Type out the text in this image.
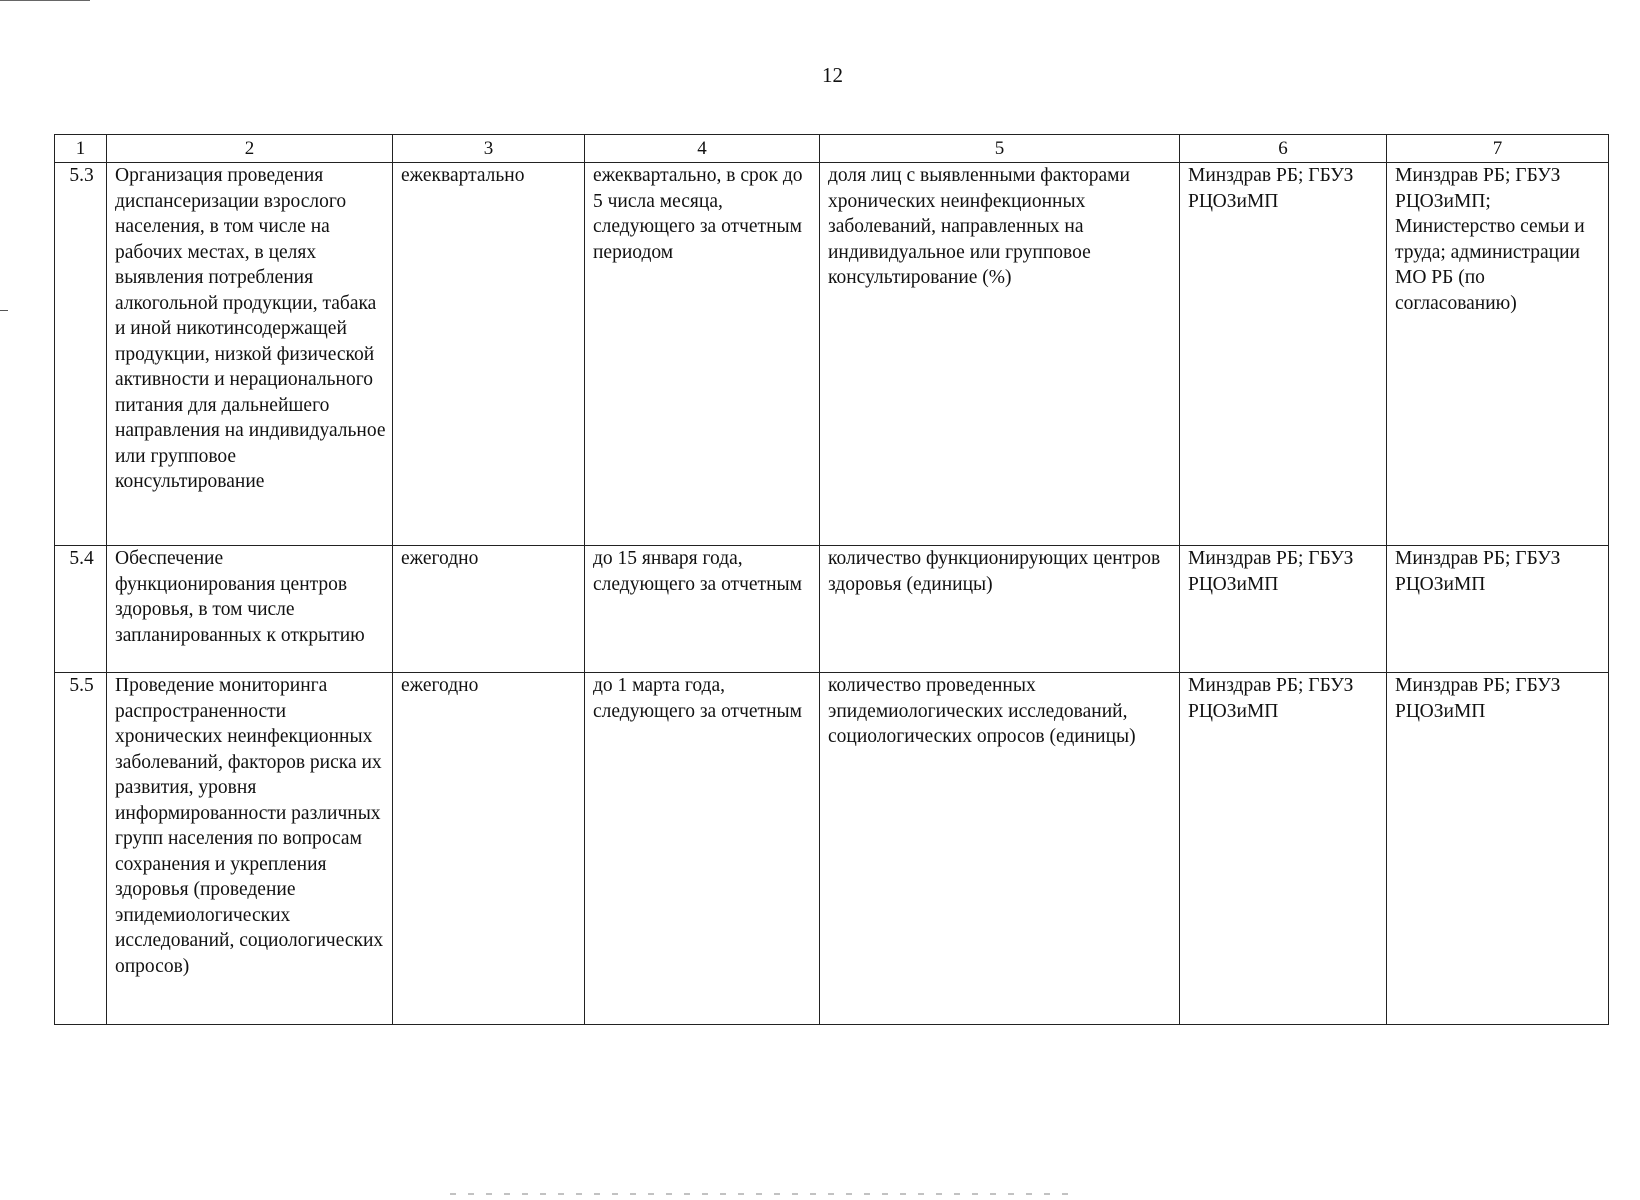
12
1	2	3	4	5	6	7
5.3	Организация проведения диспансеризации взрослого населения, в том числе на рабочих местах, в целях выявления потребления алкогольной продукции, табака и иной никотинсодержащей продукции, низкой физической активности и нерационального питания для дальнейшего направления на индивидуальное или групповое консультирование	ежеквартально	ежеквартально, в срок до 5 числа месяца, следующего за отчетным периодом	доля лиц с выявленными факторами хронических неинфекционных заболеваний, направленных на индивидуальное или групповое консультирование (%)	Минздрав РБ; ГБУЗ РЦОЗиМП	Минздрав РБ; ГБУЗ РЦОЗиМП; Министерство семьи и труда; администрации МО РБ (по согласованию)
5.4	Обеспечение функционирования центров здоровья, в том числе запланированных к открытию	ежегодно	до 15 января года, следующего за отчетным	количество функционирующих центров здоровья (единицы)	Минздрав РБ; ГБУЗ РЦОЗиМП	Минздрав РБ; ГБУЗ РЦОЗиМП
5.5	Проведение мониторинга распространенности хронических неинфекционных заболеваний, факторов риска их развития, уровня информированности различных групп населения по вопросам сохранения и укрепления здоровья (проведение эпидемиологических исследований, социологических опросов)	ежегодно	до 1 марта года, следующего за отчетным	количество проведенных эпидемиологических исследований, социологических опросов (единицы)	Минздрав РБ; ГБУЗ РЦОЗиМП	Минздрав РБ; ГБУЗ РЦОЗиМП
